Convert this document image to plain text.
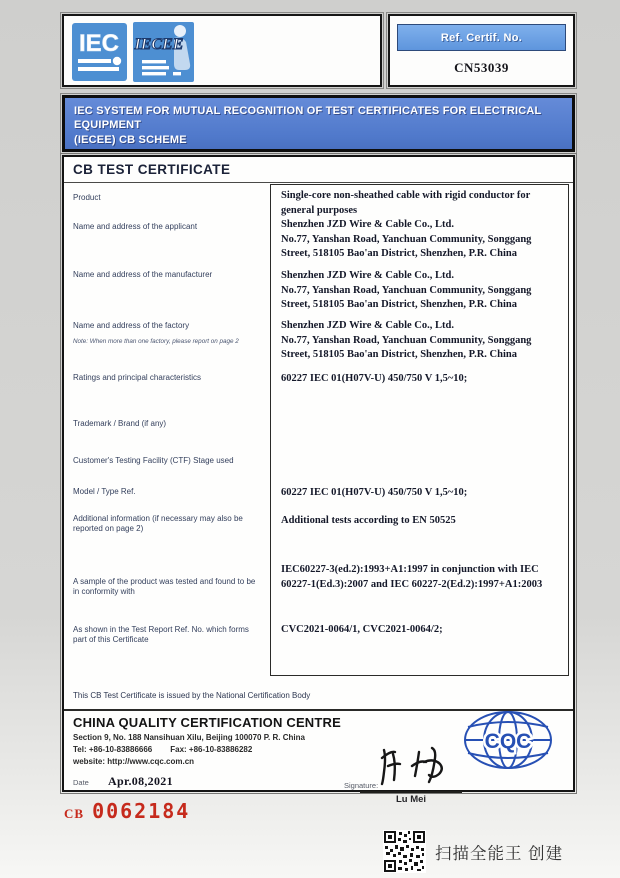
IEC IECEE	Ref. Certif. No.
CN53039
IEC SYSTEM FOR MUTUAL RECOGNITION OF TEST CERTIFICATES FOR ELECTRICAL EQUIPMENT
(IECEE) CB SCHEME
CB TEST CERTIFICATE
Product
Name and address of the applicant
Name and address of the manufacturer
Name and address of the factory
Note: When more than one factory, please report on page 2
Ratings and principal characteristics
Trademark / Brand (if any)
Customer's Testing Facility (CTF) Stage used
Model / Type Ref.
Additional information (if necessary may also be reported on page 2)
A sample of the product was tested and found to be in conformity with
As shown in the Test Report Ref. No. which forms part of this Certificate
Single-core non-sheathed cable with rigid conductor for general purposes
Shenzhen JZD Wire & Cable Co., Ltd.
No.77, Yanshan Road, Yanchuan Community, Songgang Street, 518105 Bao'an District, Shenzhen, P.R. China
Shenzhen JZD Wire & Cable Co., Ltd.
No.77, Yanshan Road, Yanchuan Community, Songgang Street, 518105 Bao'an District, Shenzhen, P.R. China
Shenzhen JZD Wire & Cable Co., Ltd.
No.77, Yanshan Road, Yanchuan Community, Songgang Street, 518105 Bao'an District, Shenzhen, P.R. China
60227 IEC 01(H07V-U) 450/750 V 1,5~10;
60227 IEC 01(H07V-U) 450/750 V 1,5~10;
Additional tests according to EN 50525
IEC60227-3(ed.2):1993+A1:1997 in conjunction with IEC 60227-1(Ed.3):2007 and IEC 60227-2(Ed.2):1997+A1:2003
CVC2021-0064/1, CVC2021-0064/2;
This CB Test Certificate is issued by the National Certification Body
CHINA QUALITY CERTIFICATION CENTRE
Section 9, No. 188 Nansihuan Xilu, Beijing 100070 P. R. China
Tel: +86-10-83886666 Fax: +86-10-83886282
website: http://www.cqc.com.cn
Date Apr.08,2021	Signature:
Lu Mei
CQC
CB 0062184
扫描全能王 创建
